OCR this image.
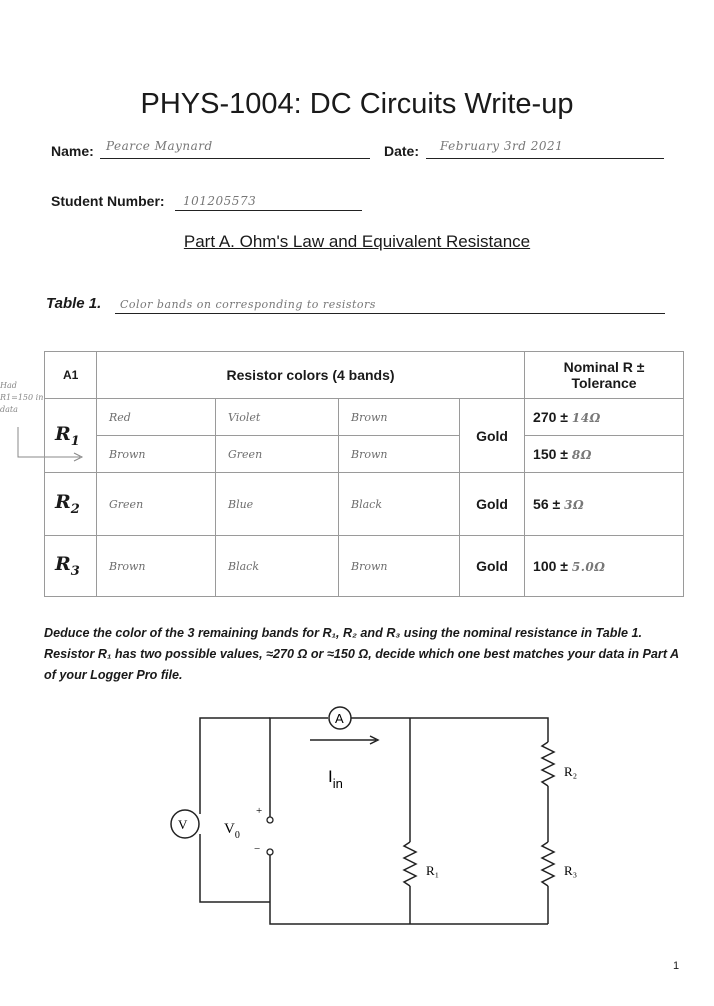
PHYS-1004: DC Circuits Write-up
Name: Pearce Maynard	Date: February 3rd 2021
Student Number: 101205573
Part A. Ohm's Law and Equivalent Resistance
Table 1. Color bands on corresponding to resistors
Had
R1=150 in
data
A1	Resistor colors (4 bands)				Nominal R ±
Tolerance

$R_1$	Red	Violet	Brown	Gold	270 ± 14Ω
	Brown	Green	Brown		150 ± 8Ω
$R_2$	Green	Blue	Black	Gold	56 ± 3Ω
$R_3$	Brown	Black	Brown	Gold	100 ± 5.0Ω
Deduce the color of the 3 remaining bands for R₁, R₂ and R₃ using the nominal resistance in Table 1. Resistor R₁ has two possible values, ≈270 Ω or ≈150 Ω, decide which one best matches your data in Part A of your Logger Pro file.
A
V $V_0$
+
−
$I_{in}$
R₁
R₂
R₃
1
